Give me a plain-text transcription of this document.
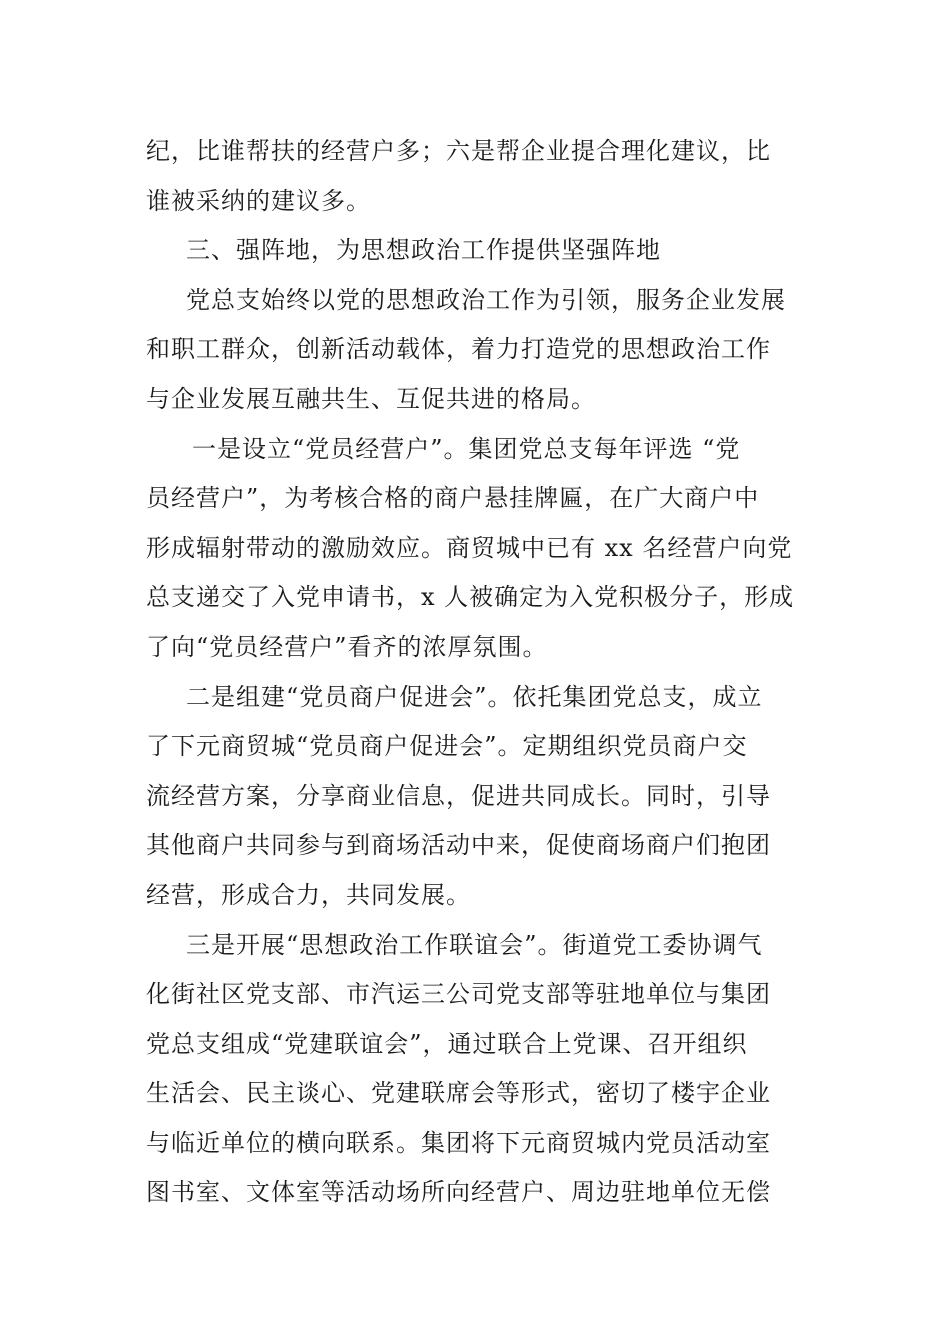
纪，比谁帮扶的经营户多；六是帮企业提合理化建议，比
谁被采纳的建议多。
三、强阵地，为思想政治工作提供坚强阵地
党总支始终以党的思想政治工作为引领，服务企业发展
和职工群众，创新活动载体，着力打造党的思想政治工作
与企业发展互融共生、互促共进的格局。
一是设立“党员经营户”。集团党总支每年评选 “党
员经营户”，为考核合格的商户悬挂牌匾，在广大商户中
形成辐射带动的激励效应。商贸城中已有 xx 名经营户向党
总支递交了入党申请书，x 人被确定为入党积极分子，形成
了向“党员经营户”看齐的浓厚氛围。
二是组建“党员商户促进会”。依托集团党总支，成立
了下元商贸城“党员商户促进会”。定期组织党员商户交
流经营方案，分享商业信息，促进共同成长。同时，引导
其他商户共同参与到商场活动中来，促使商场商户们抱团
经营，形成合力，共同发展。
三是开展“思想政治工作联谊会”。街道党工委协调气
化街社区党支部、市汽运三公司党支部等驻地单位与集团
党总支组成“党建联谊会”，通过联合上党课、召开组织
生活会、民主谈心、党建联席会等形式，密切了楼宇企业
与临近单位的横向联系。集团将下元商贸城内党员活动室
图书室、文体室等活动场所向经营户、周边驻地单位无偿
